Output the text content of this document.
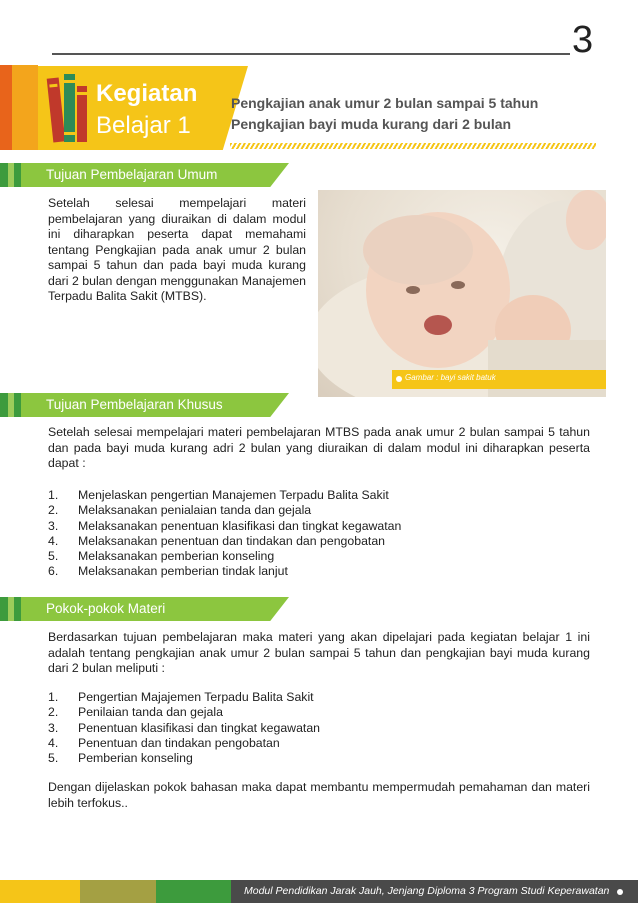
3
Kegiatan
Belajar 1
Pengkajian anak umur 2 bulan sampai 5 tahun
Pengkajian bayi muda kurang dari 2 bulan
Tujuan Pembelajaran Umum
Setelah selesai mempelajari materi pembelajaran yang diuraikan di dalam modul ini diharapkan peserta dapat memahami tentang Pengkajian pada anak umur 2 bulan sampai 5 tahun dan pada bayi muda kurang dari 2 bulan dengan menggunakan Manajemen Terpadu Balita Sakit (MTBS).
Gambar : bayi sakit batuk
Tujuan Pembelajaran Khusus
Setelah selesai mempelajari materi pembelajaran MTBS pada anak umur 2 bulan sampai 5 tahun dan pada bayi muda kurang adri 2 bulan yang diuraikan di dalam modul ini diharapkan peserta dapat :
1. Menjelaskan pengertian Manajemen Terpadu Balita Sakit
2. Melaksanakan penialaian tanda dan gejala
3. Melaksanakan penentuan klasifikasi dan tingkat kegawatan
4. Melaksanakan penentuan dan tindakan dan pengobatan
5. Melaksanakan pemberian konseling
6. Melaksanakan pemberian tindak lanjut
Pokok-pokok Materi
Berdasarkan tujuan pembelajaran maka materi yang akan dipelajari pada kegiatan belajar 1 ini adalah tentang pengkajian anak umur 2 bulan sampai 5 tahun dan pengkajian bayi muda kurang dari 2 bulan meliputi :
1. Pengertian Majajemen Terpadu Balita Sakit
2. Penilaian tanda dan gejala
3. Penentuan klasifikasi dan tingkat kegawatan
4. Penentuan dan tindakan pengobatan
5. Pemberian konseling
Dengan dijelaskan pokok bahasan maka dapat membantu mempermudah pemahaman dan materi lebih terfokus..
Modul Pendidikan Jarak Jauh, Jenjang Diploma 3 Program Studi Keperawatan
